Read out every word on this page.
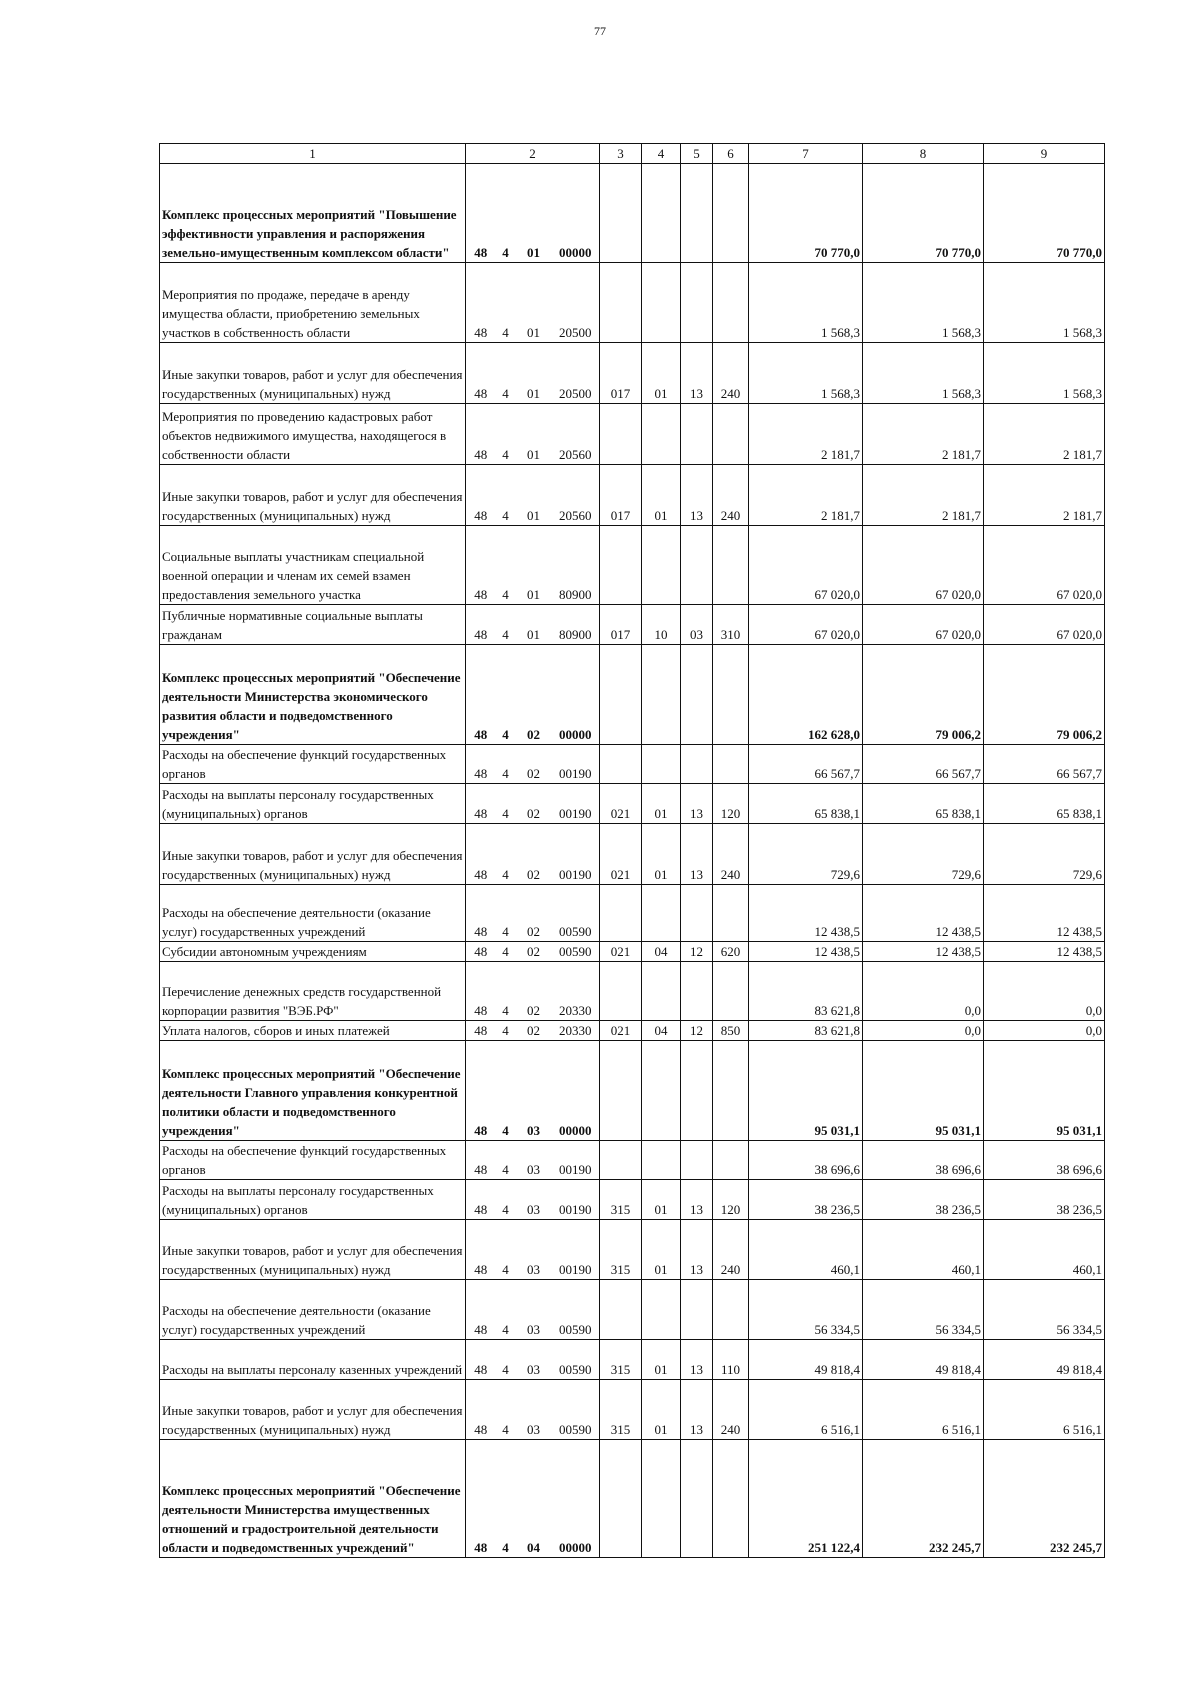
77
1	2				3	4	5	6	7	8	9
Комплекс процессных мероприятий "Повышение эффективности управления и распоряжения земельно-имущественным комплексом области"	48	4	01	00000					70 770,0	70 770,0	70 770,0
Мероприятия по продаже, передаче в аренду имущества области, приобретению земельных участков в собственность области	48	4	01	20500					1 568,3	1 568,3	1 568,3
Иные закупки товаров, работ и услуг для обеспечения государственных (муниципальных) нужд	48	4	01	20500	017	01	13	240	1 568,3	1 568,3	1 568,3
Мероприятия по проведению кадастровых работ объектов недвижимого имущества, находящегося в собственности области	48	4	01	20560					2 181,7	2 181,7	2 181,7
Иные закупки товаров, работ и услуг для обеспечения государственных (муниципальных) нужд	48	4	01	20560	017	01	13	240	2 181,7	2 181,7	2 181,7
Социальные выплаты участникам специальной военной операции и членам их семей взамен предоставления земельного участка	48	4	01	80900					67 020,0	67 020,0	67 020,0
Публичные нормативные социальные выплаты гражданам	48	4	01	80900	017	10	03	310	67 020,0	67 020,0	67 020,0
Комплекс процессных мероприятий "Обеспечение деятельности Министерства экономического развития области и подведомственного учреждения"	48	4	02	00000					162 628,0	79 006,2	79 006,2
Расходы на обеспечение функций государственных органов	48	4	02	00190					66 567,7	66 567,7	66 567,7
Расходы на выплаты персоналу государственных (муниципальных) органов	48	4	02	00190	021	01	13	120	65 838,1	65 838,1	65 838,1
Иные закупки товаров, работ и услуг для обеспечения государственных (муниципальных) нужд	48	4	02	00190	021	01	13	240	729,6	729,6	729,6
Расходы на обеспечение деятельности (оказание услуг) государственных учреждений	48	4	02	00590					12 438,5	12 438,5	12 438,5
Субсидии автономным учреждениям	48	4	02	00590	021	04	12	620	12 438,5	12 438,5	12 438,5
Перечисление денежных средств государственной корпорации развития "ВЭБ.РФ"	48	4	02	20330					83 621,8	0,0	0,0
Уплата налогов, сборов и иных платежей	48	4	02	20330	021	04	12	850	83 621,8	0,0	0,0
Комплекс процессных мероприятий "Обеспечение деятельности Главного управления конкурентной политики области и подведомственного учреждения"	48	4	03	00000					95 031,1	95 031,1	95 031,1
Расходы на обеспечение функций государственных органов	48	4	03	00190					38 696,6	38 696,6	38 696,6
Расходы на выплаты персоналу государственных (муниципальных) органов	48	4	03	00190	315	01	13	120	38 236,5	38 236,5	38 236,5
Иные закупки товаров, работ и услуг для обеспечения государственных (муниципальных) нужд	48	4	03	00190	315	01	13	240	460,1	460,1	460,1
Расходы на обеспечение деятельности (оказание услуг) государственных учреждений	48	4	03	00590					56 334,5	56 334,5	56 334,5
Расходы на выплаты персоналу казенных учреждений	48	4	03	00590	315	01	13	110	49 818,4	49 818,4	49 818,4
Иные закупки товаров, работ и услуг для обеспечения государственных (муниципальных) нужд	48	4	03	00590	315	01	13	240	6 516,1	6 516,1	6 516,1
Комплекс процессных мероприятий "Обеспечение деятельности Министерства имущественных отношений и градостроительной деятельности области и подведомственных учреждений"	48	4	04	00000					251 122,4	232 245,7	232 245,7
